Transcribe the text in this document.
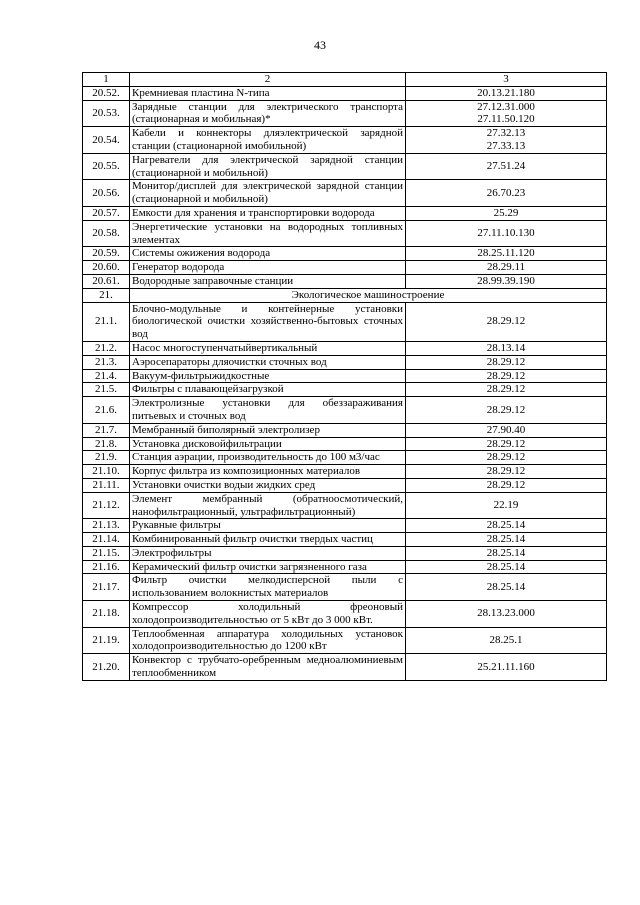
43
1	2	3
20.52.	Кремниевая пластина N-типа	20.13.21.180

20.53.	Зарядные станции для электрического транспорта (стационарная и мобильная)*	27.12.31.000
27.11.50.120

20.54.	Кабели и коннекторы дляэлектрической зарядной станции (стационарной имобильной)	27.32.13
27.33.13

20.55.	Нагреватели для электрической зарядной станции (стационарной и мобильной)	27.51.24

20.56.	Монитор/дисплей для электрической зарядной станции (стационарной и мобильной)	26.70.23

20.57.	Емкости для хранения и транспортировки водорода	25.29

20.58.	Энергетические установки на водородных топливных элементах	27.11.10.130

20.59.	Системы ожижения водорода	28.25.11.120

20.60.	Генератор водорода	28.29.11

20.61.	Водородные заправочные станции	28.99.39.190

21.	Экологическое машиностроение	
21.1.	Блочно-модульные и контейнерные установки биологической очистки хозяйственно-бытовых сточных вод	28.29.12

21.2.	Насос многоступенчатыйвертикальный	28.13.14

21.3.	Аэросепараторы дляочистки сточных вод	28.29.12

21.4.	Вакуум-фильтрыжидкостные	28.29.12

21.5.	Фильтры с плавающейзагрузкой	28.29.12

21.6.	Электролизные установки для обеззараживания питьевых и сточных вод	28.29.12

21.7.	Мембранный биполярный электролизер	27.90.40

21.8.	Установка дисковойфильтрации	28.29.12

21.9.	Станция аэрации, производительность до 100 м3/час	28.29.12

21.10.	Корпус фильтра из композиционных материалов	28.29.12

21.11.	Установки очистки водыи жидких сред	28.29.12

21.12.	Элемент мембранный (обратноосмотический, нанофильтрационный, ультрафильтрационный)	22.19

21.13.	Рукавные фильтры	28.25.14

21.14.	Комбинированный фильтр очистки твердых частиц	28.25.14

21.15.	Электрофильтры	28.25.14

21.16.	Керамический фильтр очистки загрязненного газа	28.25.14

21.17.	Фильтр очистки мелкодисперсной пыли с использованием волокнистых материалов	28.25.14

21.18.	Компрессор холодильный фреоновый холодопроизводительностью от 5 кВт до 3 000 кВт.	28.13.23.000

21.19.	Теплообменная аппаратура холодильных установок холодопроизводительностью до 1200 кВт	28.25.1

21.20.	Конвектор с трубчато-оребренным медноалюминиевым теплообменником	25.21.11.160
